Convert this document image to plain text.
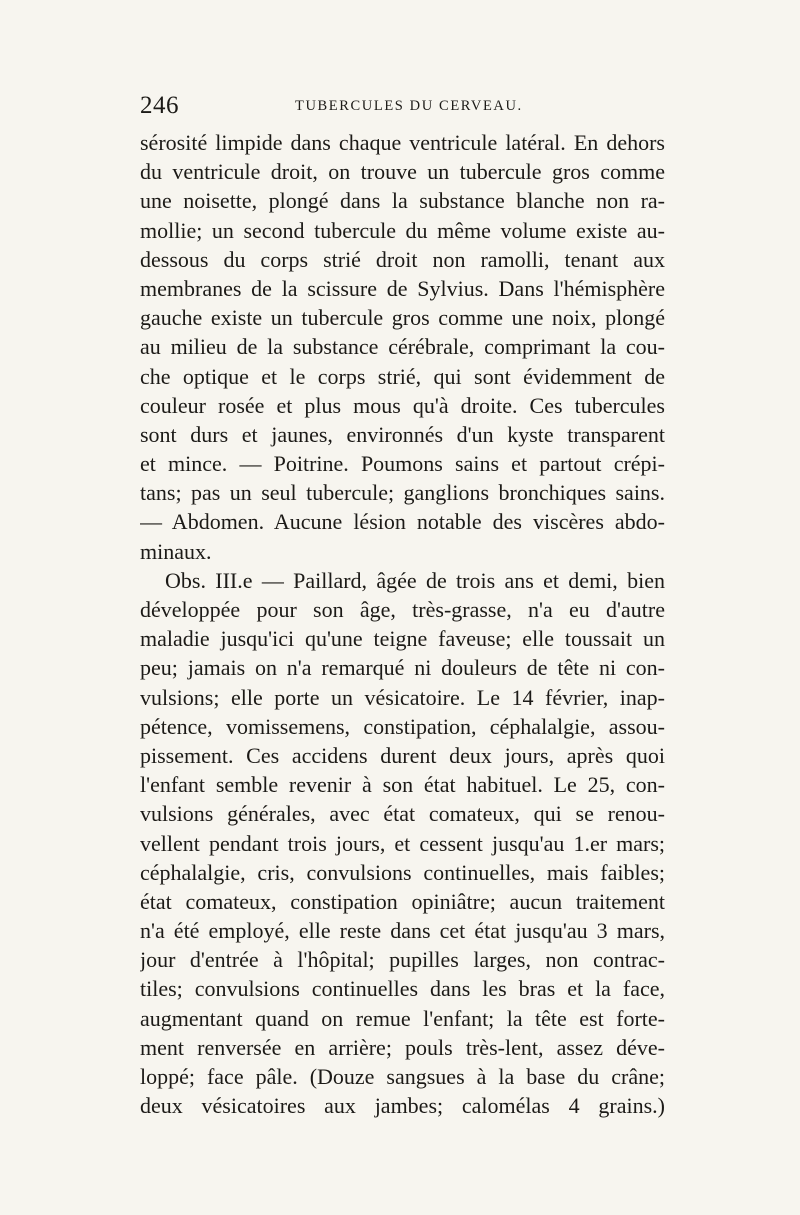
246	TUBERCULES DU CERVEAU.
sérosité limpide dans chaque ventricule latéral. En dehors
du ventricule droit, on trouve un tubercule gros comme
une noisette, plongé dans la substance blanche non ra-
mollie; un second tubercule du même volume existe au-
dessous du corps strié droit non ramolli, tenant aux
membranes de la scissure de Sylvius. Dans l'hémisphère
gauche existe un tubercule gros comme une noix, plongé
au milieu de la substance cérébrale, comprimant la cou-
che optique et le corps strié, qui sont évidemment de
couleur rosée et plus mous qu'à droite. Ces tubercules
sont durs et jaunes, environnés d'un kyste transparent
et mince. — Poitrine. Poumons sains et partout crépi-
tans; pas un seul tubercule; ganglions bronchiques sains.
— Abdomen. Aucune lésion notable des viscères abdo-
minaux.
Obs. III.e — Paillard, âgée de trois ans et demi, bien
développée pour son âge, très-grasse, n'a eu d'autre
maladie jusqu'ici qu'une teigne faveuse; elle toussait un
peu; jamais on n'a remarqué ni douleurs de tête ni con-
vulsions; elle porte un vésicatoire. Le 14 février, inap-
pétence, vomissemens, constipation, céphalalgie, assou-
pissement. Ces accidens durent deux jours, après quoi
l'enfant semble revenir à son état habituel. Le 25, con-
vulsions générales, avec état comateux, qui se renou-
vellent pendant trois jours, et cessent jusqu'au 1.er mars;
céphalalgie, cris, convulsions continuelles, mais faibles;
état comateux, constipation opiniâtre; aucun traitement
n'a été employé, elle reste dans cet état jusqu'au 3 mars,
jour d'entrée à l'hôpital; pupilles larges, non contrac-
tiles; convulsions continuelles dans les bras et la face,
augmentant quand on remue l'enfant; la tête est forte-
ment renversée en arrière; pouls très-lent, assez déve-
loppé; face pâle. (Douze sangsues à la base du crâne;
deux vésicatoires aux jambes; calomélas 4 grains.)
